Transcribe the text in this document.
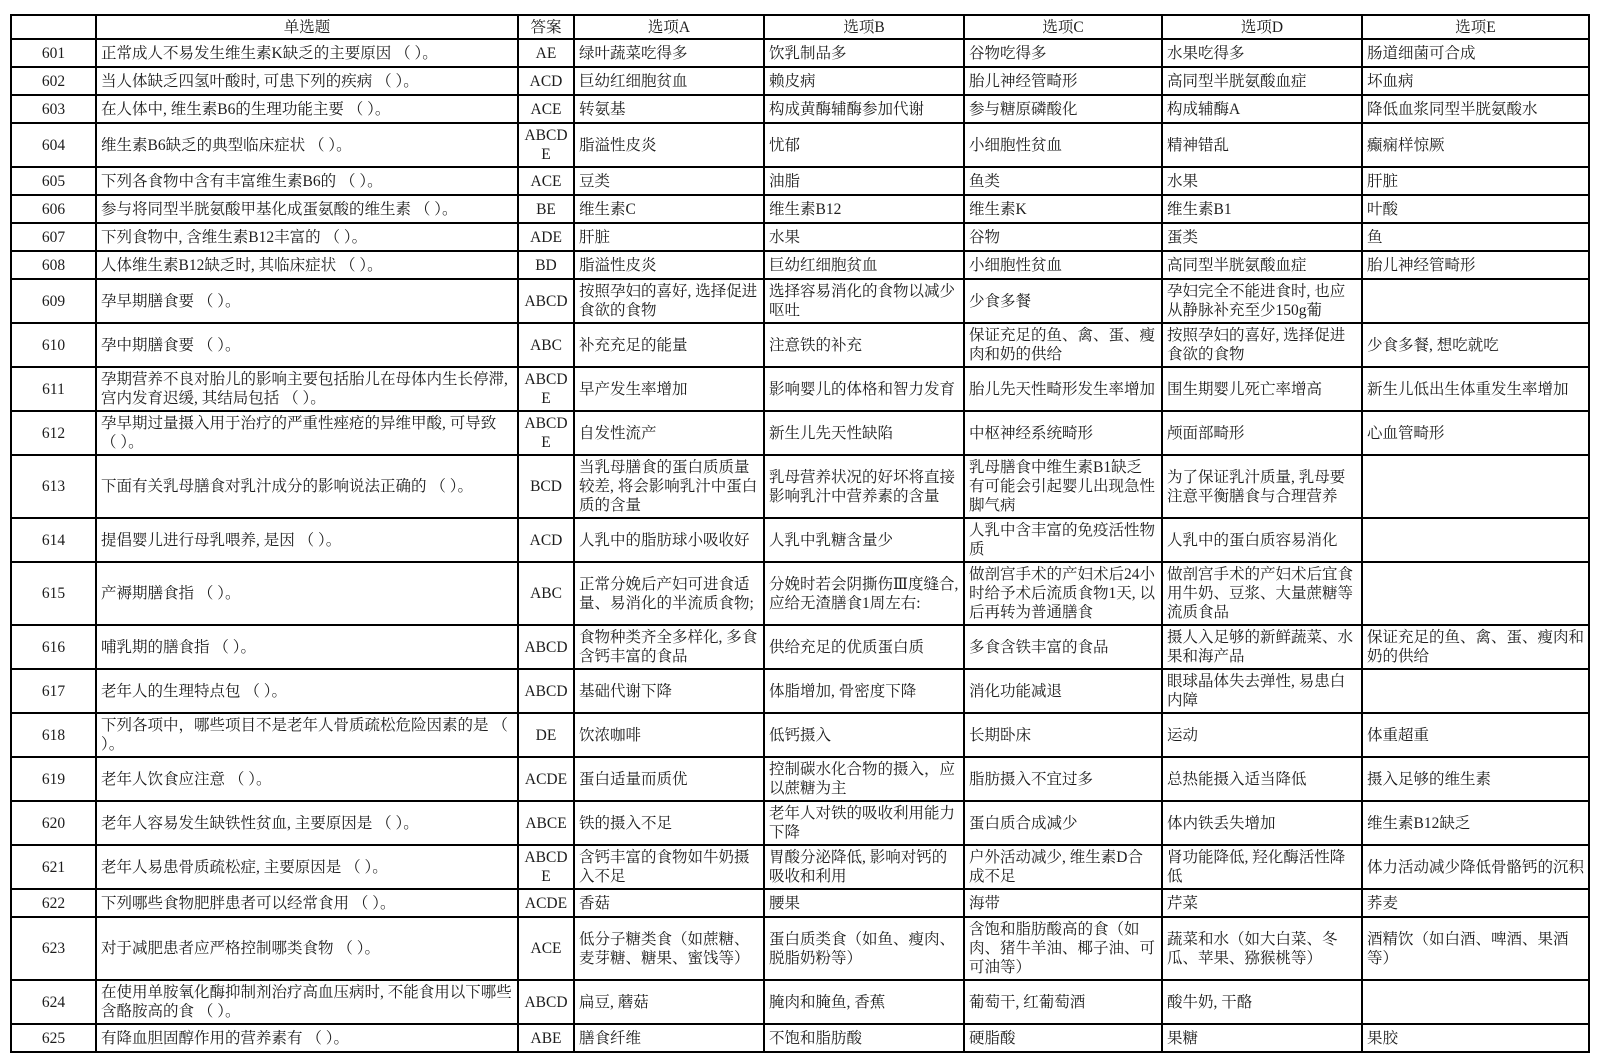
	单选题	答案	选项A	选项B	选项C	选项D	选项E
601	正常成人不易发生维生素K缺乏的主要原因 （ ）。	AE	绿叶蔬菜吃得多	饮乳制品多	谷物吃得多	水果吃得多	肠道细菌可合成
602	当人体缺乏四氢叶酸时, 可患下列的疾病 （ ）。	ACD	巨幼红细胞贫血	赖皮病	胎儿神经管畸形	高同型半胱氨酸血症	坏血病
603	在人体中, 维生素B6的生理功能主要 （ ）。	ACE	转氨基	构成黄酶辅酶参加代谢	参与糖原磷酸化	构成辅酶A	降低血浆同型半胱氨酸水
604	维生素B6缺乏的典型临床症状 （ ）。	ABCDE	脂溢性皮炎	忧郁	小细胞性贫血	精神错乱	癫痫样惊厥
605	下列各食物中含有丰富维生素B6的 （ ）。	ACE	豆类	油脂	鱼类	水果	肝脏
606	参与将同型半胱氨酸甲基化成蛋氨酸的维生素 （ ）。	BE	维生素C	维生素B12	维生素K	维生素B1	叶酸
607	下列食物中, 含维生素B12丰富的 （ ）。	ADE	肝脏	水果	谷物	蛋类	鱼
608	人体维生素B12缺乏时, 其临床症状 （ ）。	BD	脂溢性皮炎	巨幼红细胞贫血	小细胞性贫血	高同型半胱氨酸血症	胎儿神经管畸形
609	孕早期膳食要 （ ）。	ABCD	按照孕妇的喜好, 选择促进食欲的食物	选择容易消化的食物以减少呕吐	少食多餐	孕妇完全不能进食时, 也应从静脉补充至少150g葡	
610	孕中期膳食要 （ ）。	ABC	补充充足的能量	注意铁的补充	保证充足的鱼、禽、蛋、瘦肉和奶的供给	按照孕妇的喜好, 选择促进食欲的食物	少食多餐, 想吃就吃
611	孕期营养不良对胎儿的影响主要包括胎儿在母体内生长停滞, 宫内发育迟缓, 其结局包括 （ ）。	ABCDE	早产发生率增加	影响婴儿的体格和智力发育	胎儿先天性畸形发生率增加	围生期婴儿死亡率增高	新生儿低出生体重发生率增加
612	孕早期过量摄入用于治疗的严重性痤疮的异维甲酸, 可导致 （ ）。	ABCDE	自发性流产	新生儿先天性缺陷	中枢神经系统畸形	颅面部畸形	心血管畸形
613	下面有关乳母膳食对乳汁成分的影响说法正确的 （ ）。	BCD	当乳母膳食的蛋白质质量较差, 将会影响乳汁中蛋白质的含量	乳母营养状况的好坏将直接影响乳汁中营养素的含量	乳母膳食中维生素B1缺乏有可能会引起婴儿出现急性脚气病	为了保证乳汁质量, 乳母要注意平衡膳食与合理营养	
614	提倡婴儿进行母乳喂养, 是因 （ ）。	ACD	人乳中的脂肪球小吸收好	人乳中乳糖含量少	人乳中含丰富的免疫活性物质	人乳中的蛋白质容易消化	
615	产褥期膳食指 （ ）。	ABC	正常分娩后产妇可进食适量、易消化的半流质食物;	分娩时若会阴撕伤Ⅲ度缝合, 应给无渣膳食1周左右:	做剖宫手术的产妇术后24小时给予术后流质食物1天, 以后再转为普通膳食	做剖宫手术的产妇术后宜食用牛奶、豆浆、大量蔗糖等流质食品	
616	哺乳期的膳食指 （ ）。	ABCD	食物种类齐全多样化, 多食含钙丰富的食品	供给充足的优质蛋白质	多食含铁丰富的食品	摄人入足够的新鲜蔬菜、水果和海产品	保证充足的鱼、禽、蛋、瘦肉和奶的供给
617	老年人的生理特点包 （ ）。	ABCD	基础代谢下降	体脂增加, 骨密度下降	消化功能减退	眼球晶体失去弹性, 易患白内障	
618	下列各项中，哪些项目不是老年人骨质疏松危险因素的是 （ ）。	DE	饮浓咖啡	低钙摄入	长期卧床	运动	体重超重
619	老年人饮食应注意 （ ）。	ACDE	蛋白适量而质优	控制碳水化合物的摄入，应以蔗糖为主	脂肪摄入不宜过多	总热能摄入适当降低	摄入足够的维生素
620	老年人容易发生缺铁性贫血, 主要原因是 （ ）。	ABCE	铁的摄入不足	老年人对铁的吸收利用能力下降	蛋白质合成减少	体内铁丢失增加	维生素B12缺乏
621	老年人易患骨质疏松症, 主要原因是 （ ）。	ABCDE	含钙丰富的食物如牛奶摄入不足	胃酸分泌降低, 影响对钙的吸收和利用	户外活动减少, 维生素D合成不足	肾功能降低, 羟化酶活性降低	体力活动减少降低骨骼钙的沉积
622	下列哪些食物肥胖患者可以经常食用 （ ）。	ACDE	香菇	腰果	海带	芹菜	荞麦
623	对于减肥患者应严格控制哪类食物 （ ）。	ACE	低分子糖类食（如蔗糖、麦芽糖、糖果、蜜饯等）	蛋白质类食（如鱼、瘦肉、脱脂奶粉等）	含饱和脂肪酸高的食（如肉、猪牛羊油、椰子油、可可油等）	蔬菜和水（如大白菜、冬瓜、苹果、猕猴桃等）	酒精饮（如白酒、啤酒、果酒等）
624	在使用单胺氧化酶抑制剂治疗高血压病时, 不能食用以下哪些含酪胺高的食 （ ）。	ABCD	扁豆, 蘑菇	腌肉和腌鱼, 香蕉	葡萄干, 红葡萄酒	酸牛奶, 干酪	
625	有降血胆固醇作用的营养素有 （ ）。	ABE	膳食纤维	不饱和脂肪酸	硬脂酸	果糖	果胶
